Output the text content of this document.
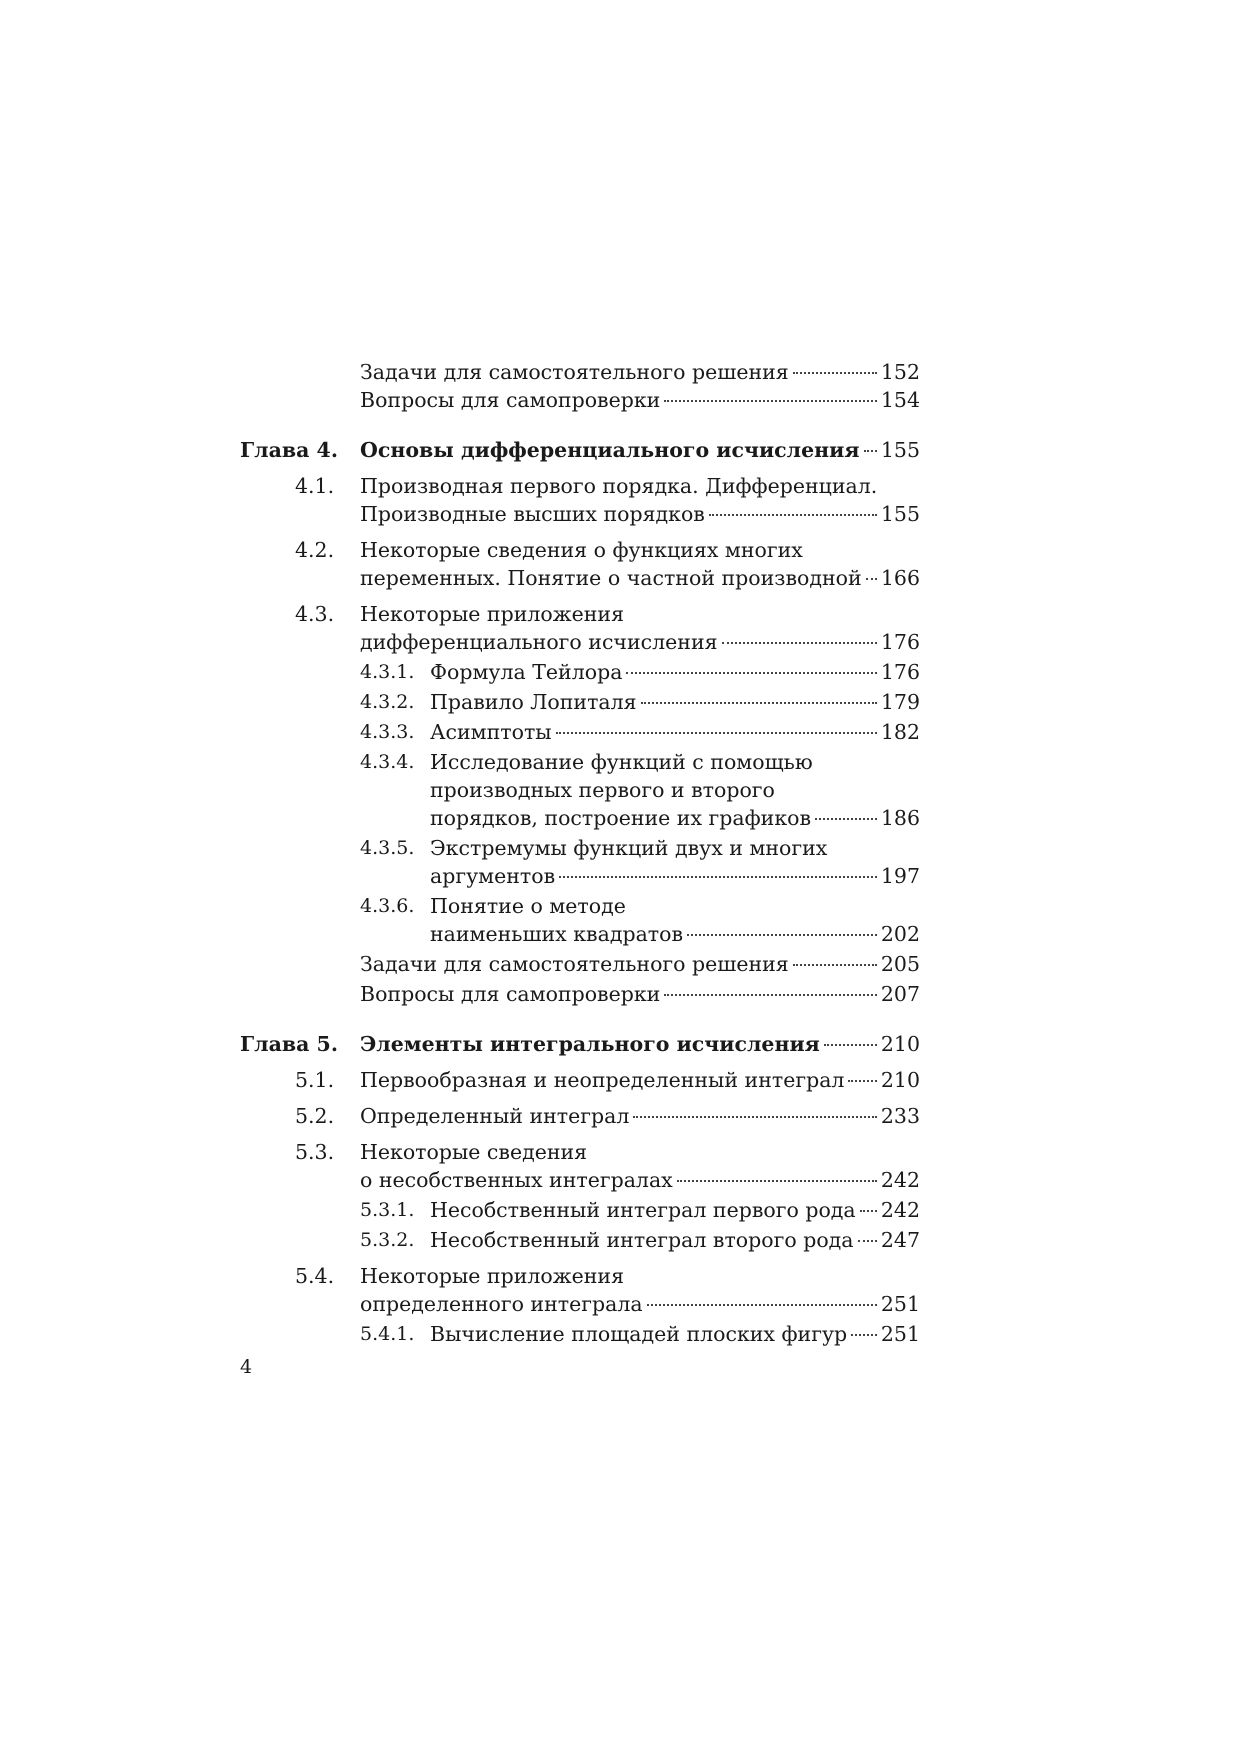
Задачи для самостоятельного решения	152
Вопросы для самопроверки	154
Глава 4. Основы дифференциального исчисления 155
4.1. Производная первого порядка. Дифференциал.
Производные высших порядков	155
4.2. Некоторые сведения о функциях многих
переменных. Понятие о частной производной 166
4.3. Некоторые приложения
дифференциального исчисления	176
4.3.1. Формула Тейлора	176
4.3.2. Правило Лопиталя	179
4.3.3. Асимптоты	182
4.3.4. Исследование функций с помощью
производных первого и второго
порядков, построение их графиков	186
4.3.5. Экстремумы функций двух и многих
аргументов	197
4.3.6. Понятие о методе
наименьших квадратов	202
Задачи для самостоятельного решения	205
Вопросы для самопроверки	207
Глава 5. Элементы интегрального исчисления	210
5.1. Первообразная и неопределенный интеграл 210
5.2. Определенный интеграл	233
5.3. Некоторые сведения
о несобственных интегралах	242
5.3.1. Несобственный интеграл первого рода 242
5.3.2. Несобственный интеграл второго рода 247
5.4. Некоторые приложения
определенного интеграла	251
5.4.1. Вычисление площадей плоских фигур 251
4
